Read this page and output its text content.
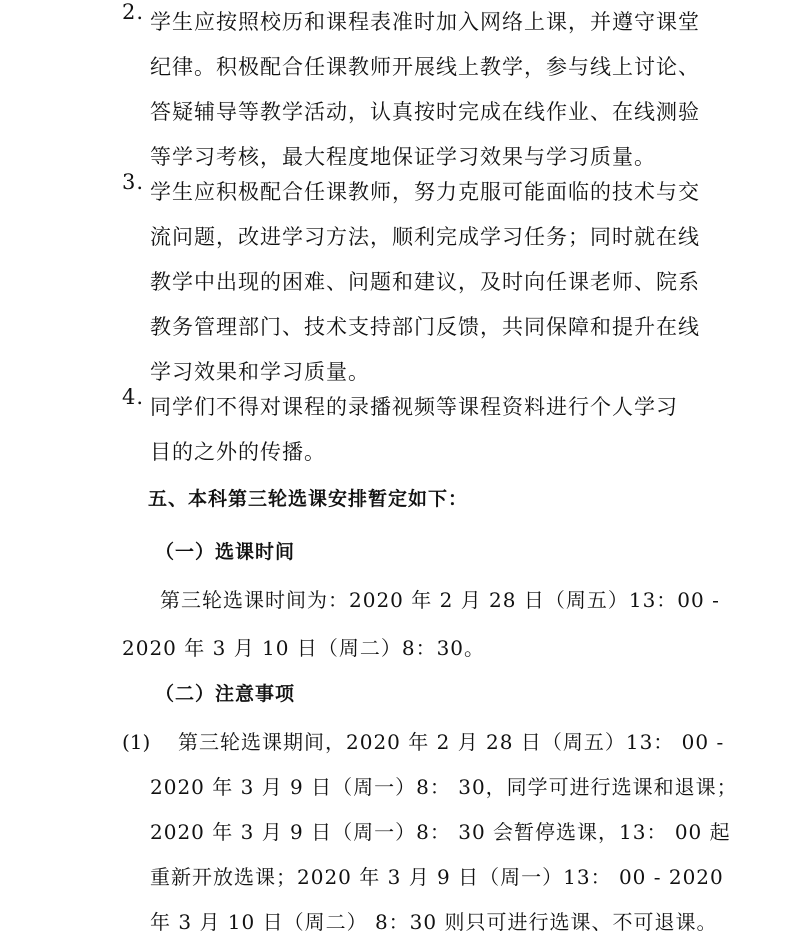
2. 学生应按照校历和课程表准时加入网络上课，并遵守课堂
纪律。积极配合任课教师开展线上教学，参与线上讨论、
答疑辅导等教学活动，认真按时完成在线作业、在线测验
等学习考核，最大程度地保证学习效果与学习质量。
3. 学生应积极配合任课教师，努力克服可能面临的技术与交
流问题，改进学习方法，顺利完成学习任务；同时就在线
教学中出现的困难、问题和建议，及时向任课老师、院系
教务管理部门、技术支持部门反馈，共同保障和提升在线
学习效果和学习质量。
4. 同学们不得对课程的录播视频等课程资料进行个人学习
目的之外的传播。
五、本科第三轮选课安排暂定如下：
（一）选课时间
第三轮选课时间为：2020 年 2 月 28 日（周五）13：00 -
2020 年 3 月 10 日（周二）8：30。
（二）注意事项
(1)	第三轮选课期间，2020 年 2 月 28 日（周五）13： 00 -
2020 年 3 月 9 日（周一）8： 30，同学可进行选课和退课；
2020 年 3 月 9 日（周一）8： 30 会暂停选课，13： 00 起
重新开放选课；2020 年 3 月 9 日（周一）13： 00 - 2020
年 3 月 10 日（周二） 8：30 则只可进行选课、不可退课。
